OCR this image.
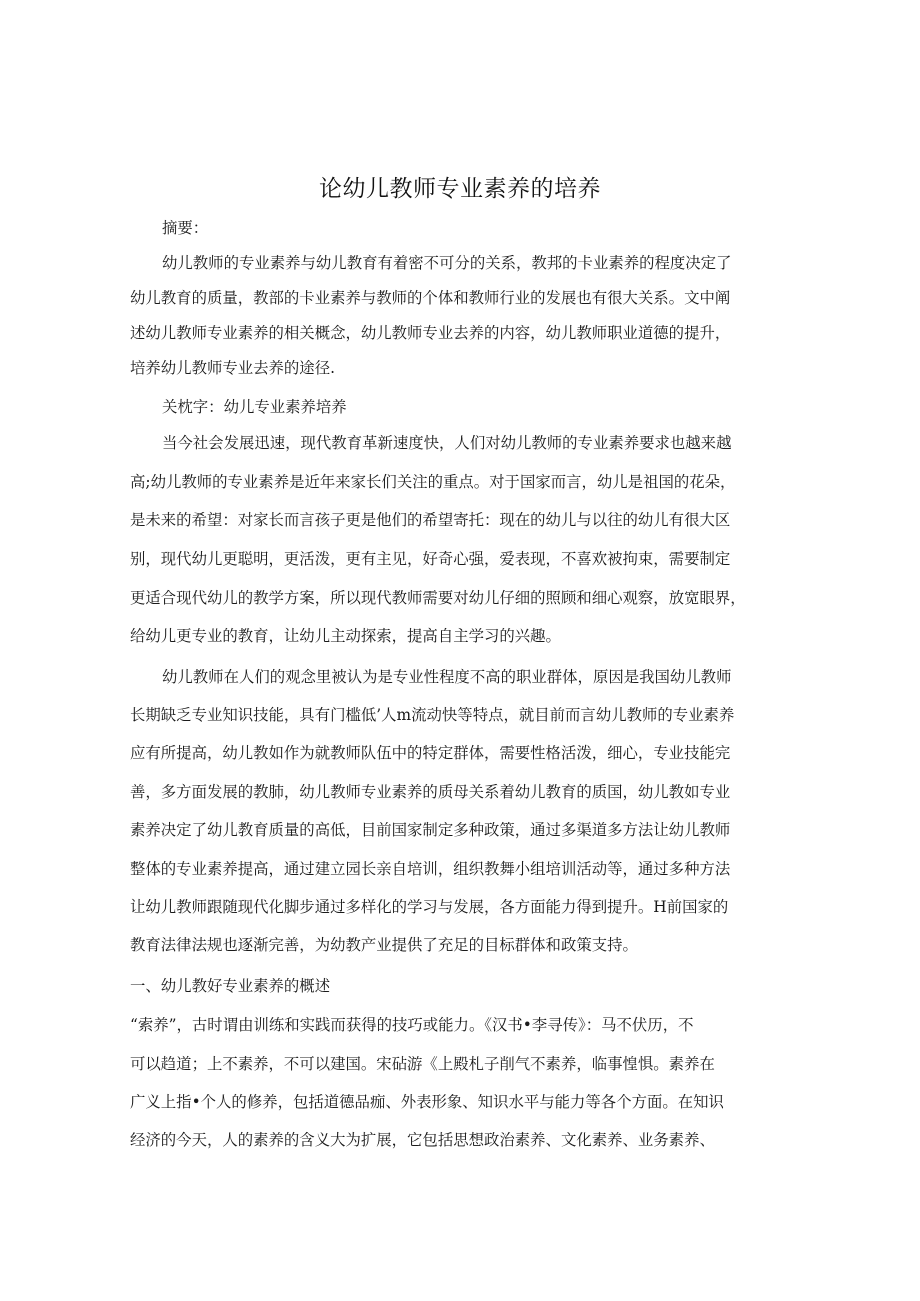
论幼儿教师专业素养的培养

摘要：

幼儿教师的专业素养与幼儿教育有着密不可分的关系，教邦的卡业素养的程度决定了

幼儿教育的质量，教部的卡业素养与教师的个体和教师行业的发展也有很大关系。文中阐

述幼儿教师专业素养的相关概念，幼儿教师专业去养的内容，幼儿教师职业道德的提升，

培养幼儿教师专业去养的途径.

关枕字：幼儿专业素养培养

当今社会发展迅速，现代教育革新速度快，人们对幼儿教师的专业素养要求也越来越

高;幼儿教师的专业素养是近年来家长们关注的重点。对于国家而言，幼儿是祖国的花朵，

是未来的希望：对家长而言孩子更是他们的希望寄托：现在的幼儿与以往的幼儿有很大区

别，现代幼儿更聪明，更活泼，更有主见，好奇心强，爱表现，不喜欢被拘束，需要制定

更适合现代幼儿的教学方案，所以现代教师需要对幼儿仔细的照顾和细心观察，放宽眼界，

给幼儿更专业的教育，让幼儿主动探索，提高自主学习的兴趣。

幼儿教师在人们的观念里被认为是专业性程度不高的职业群体，原因是我国幼儿教师

长期缺乏专业知识技能，具有门槛低’人m流动快等特点，就目前而言幼儿教师的专业素养

应有所提高，幼儿教如作为就教师队伍中的特定群体，需要性格活泼，细心，专业技能完

善，多方面发展的教肺，幼儿教师专业素养的质母关系着幼儿教育的质国，幼儿教如专业

素养决定了幼儿教育质量的高低，目前国家制定多种政策，通过多渠道多方法让幼儿教师

整体的专业素养提高，通过建立园长亲自培训，组织教舞小组培训活动等，通过多种方法

让幼儿教师跟随现代化脚步通过多样化的学习与发展，各方面能力得到提升。H前国家的

教育法律法规也逐渐完善，为幼教产业提供了充足的目标群体和政策支持。

一、幼儿教好专业素养的概述

“索养”，古时谓由训练和实践而获得的技巧或能力。《汉书•李寻传》：马不伏历，不

可以趋道；上不素养，不可以建国。宋砧游《上殿札子削气不素养，临事惶惧。素养在

广义上指•个人的修养，包括道德品痂、外表形象、知识水平与能力等各个方面。在知识

经济的今天，人的素养的含义大为扩展，它包括思想政治素养、文化素养、业务素养、
